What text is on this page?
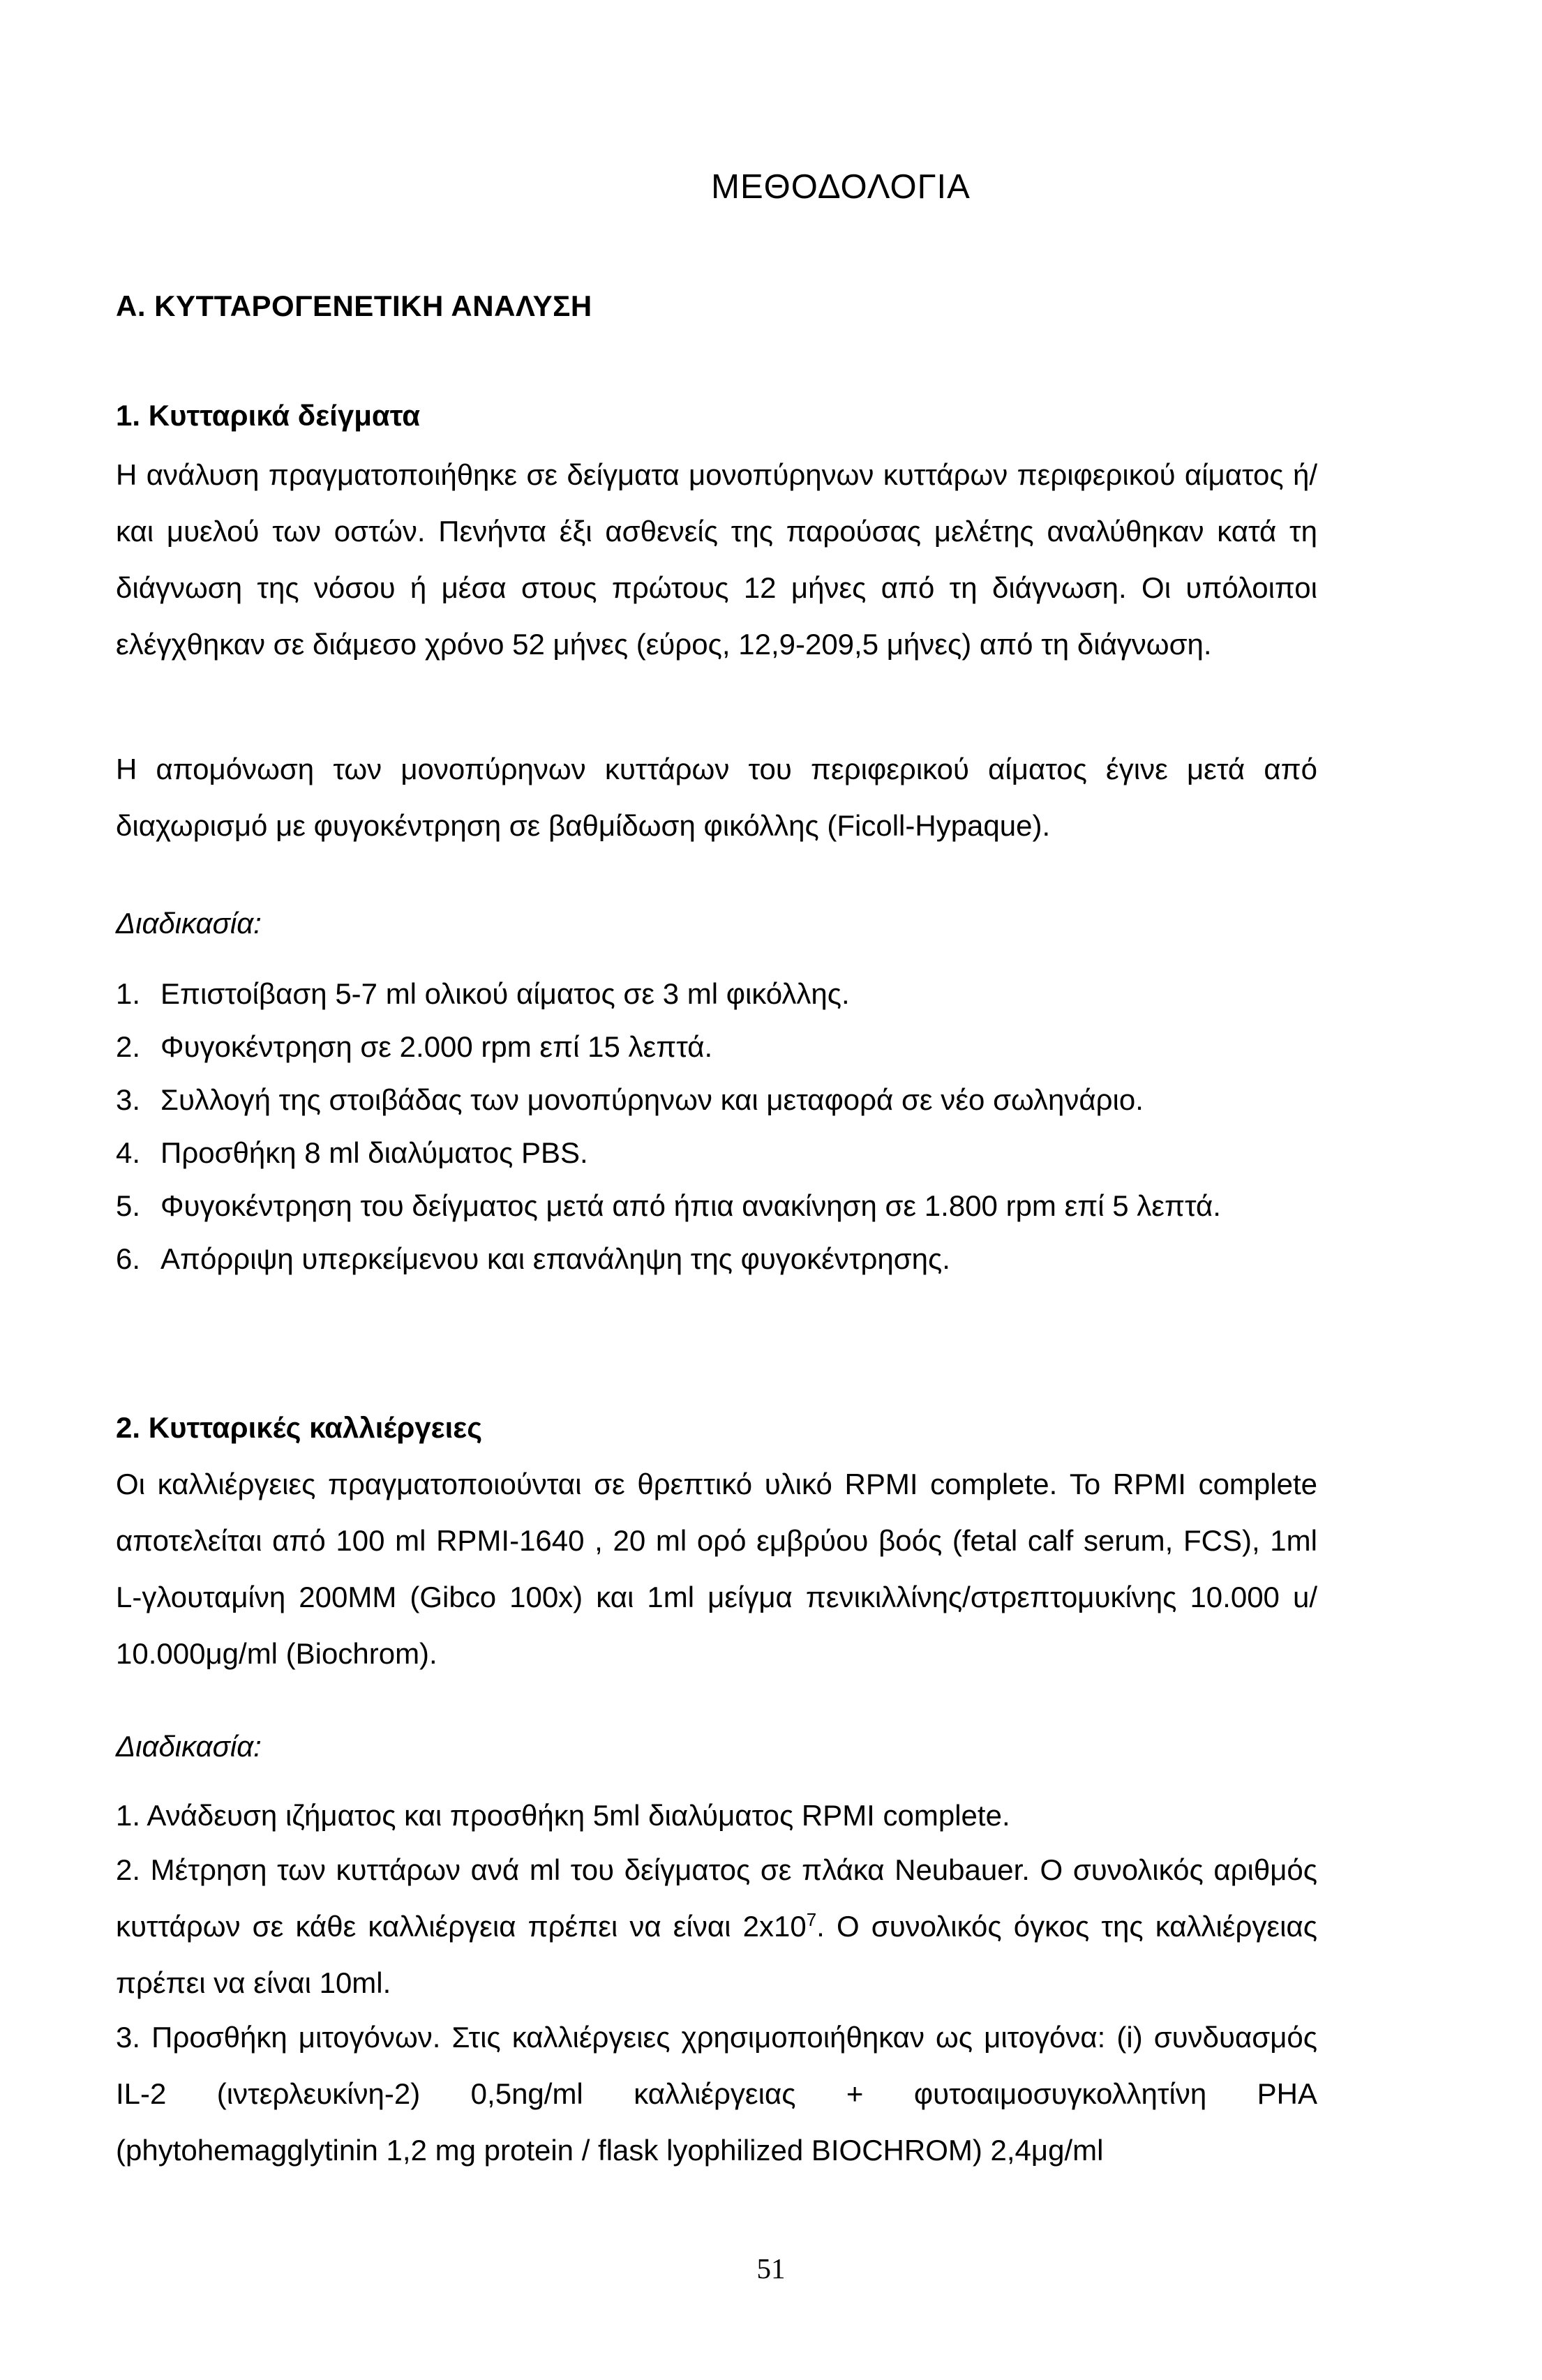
ΜΕΘΟΔΟΛΟΓΙΑ
Α. ΚΥΤΤΑΡΟΓΕΝΕΤΙΚΗ ΑΝΑΛΥΣΗ
1. Κυτταρικά δείγματα
Η ανάλυση πραγματοποιήθηκε σε δείγματα μονοπύρηνων κυττάρων περιφερικού αίματος ή/και μυελού των οστών. Πενήντα έξι ασθενείς της παρούσας μελέτης αναλύθηκαν κατά τη διάγνωση της νόσου ή μέσα στους πρώτους 12 μήνες από τη διάγνωση. Οι υπόλοιποι ελέγχθηκαν σε διάμεσο χρόνο 52 μήνες (εύρος, 12,9-209,5 μήνες) από τη διάγνωση.
Η απομόνωση των μονοπύρηνων κυττάρων του περιφερικού αίματος έγινε μετά από διαχωρισμό με φυγοκέντρηση σε βαθμίδωση φικόλλης (Ficoll-Hypaque).
Διαδικασία:
1. Επιστοίβαση 5-7 ml ολικού αίματος σε 3 ml φικόλλης.
2. Φυγοκέντρηση σε 2.000 rpm επί 15 λεπτά.
3. Συλλογή της στοιβάδας των μονοπύρηνων και μεταφορά σε νέο σωληνάριο.
4. Προσθήκη 8 ml διαλύματος PBS.
5. Φυγοκέντρηση του δείγματος μετά από ήπια ανακίνηση σε 1.800 rpm επί 5 λεπτά.
6. Απόρριψη υπερκείμενου και επανάληψη της φυγοκέντρησης.
2. Κυτταρικές καλλιέργειες
Οι καλλιέργειες πραγματοποιούνται σε θρεπτικό υλικό RPMI complete. Το RPMI complete αποτελείται από 100 ml RPMI-1640 , 20 ml ορό εμβρύου βοός (fetal calf serum, FCS), 1ml L-γλουταμίνη 200MM (Gibco 100x) και 1ml μείγμα πενικιλλίνης/στρεπτομυκίνης 10.000 u/ 10.000μg/ml (Biochrom).
Διαδικασία:
1. Ανάδευση ιζήματος και προσθήκη 5ml διαλύματος RPMI complete.
2. Μέτρηση των κυττάρων ανά ml του δείγματος σε πλάκα Neubauer. Ο συνολικός αριθμός κυττάρων σε κάθε καλλιέργεια πρέπει να είναι $2x10^7$. Ο συνολικός όγκος της καλλιέργειας πρέπει να είναι 10ml.
3. Προσθήκη μιτογόνων. Στις καλλιέργειες χρησιμοποιήθηκαν ως μιτογόνα: (i) συνδυασμός IL-2 (ιντερλευκίνη-2) 0,5ng/ml καλλιέργειας + φυτοαιμοσυγκολλητίνη PHA (phytohemagglytinin 1,2 mg protein / flask lyophilized BIOCHROM) 2,4μg/ml
51
